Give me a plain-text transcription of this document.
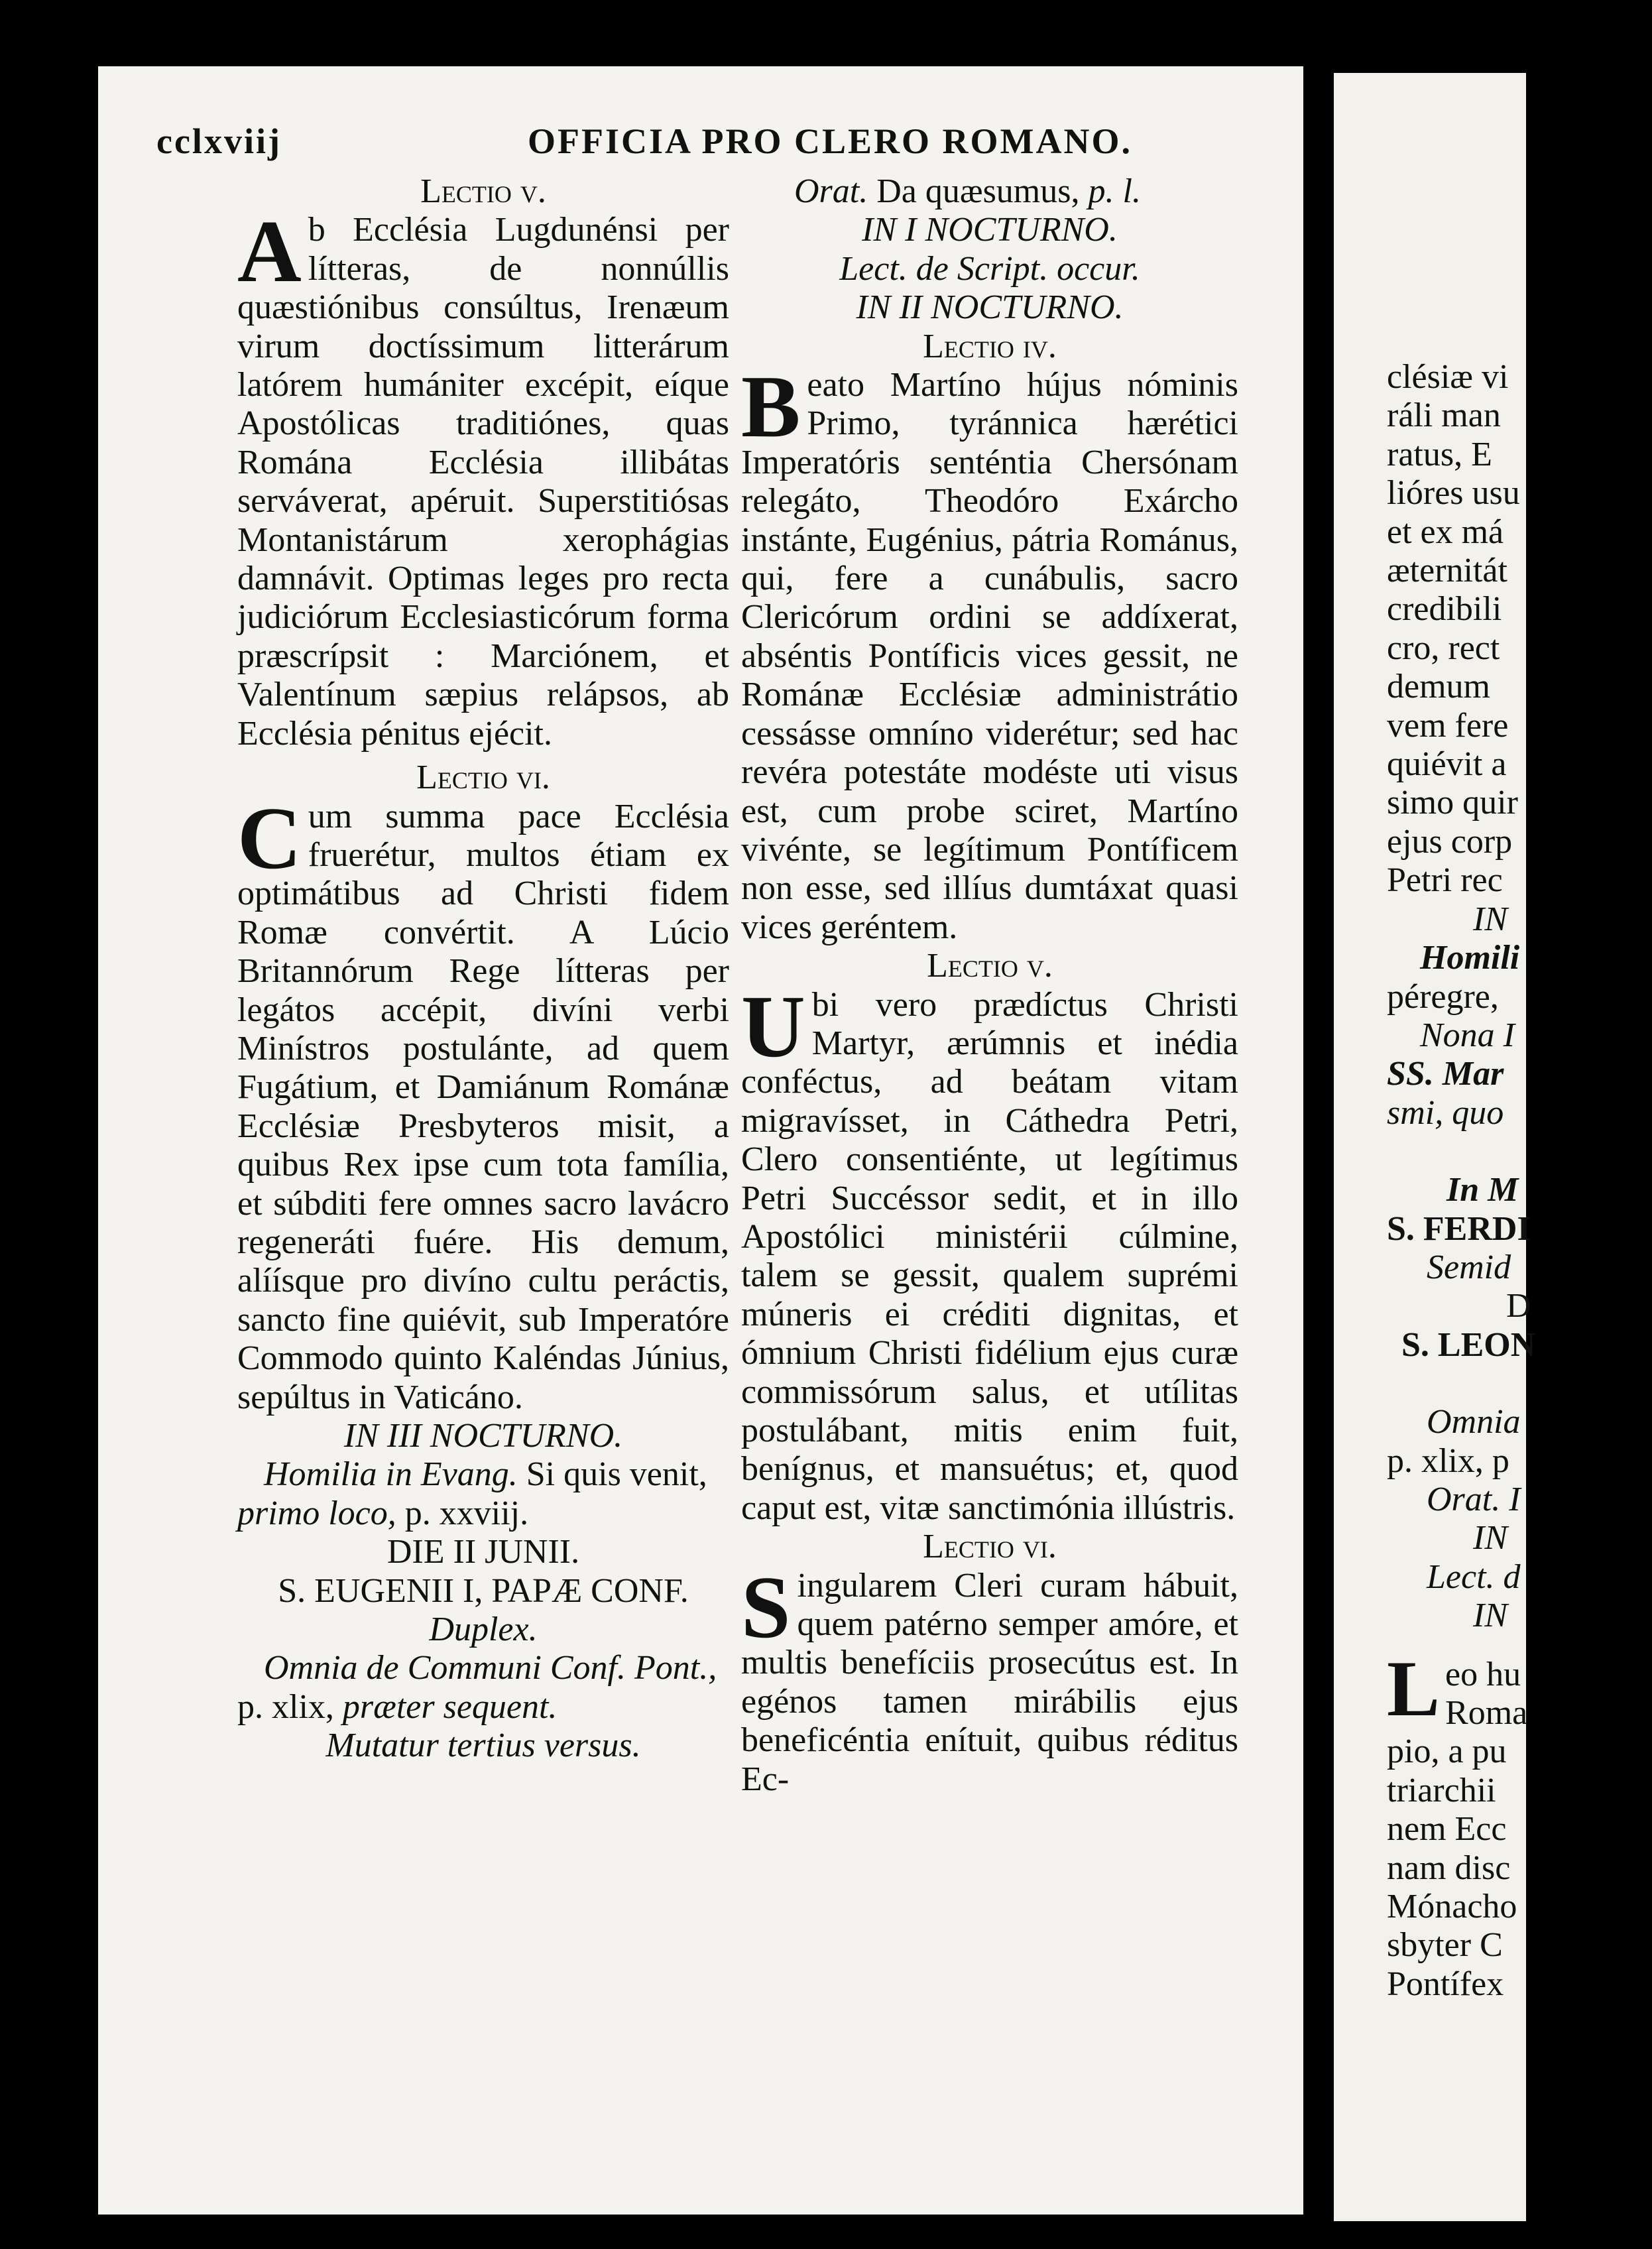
cclxviij	OFFICIA PRO CLERO ROMANO.
Lectio v.

Ab Ecclésia Lugdunénsi per lítteras, de nonnúllis quæstiónibus consúltus, Irenæum virum doctíssimum litterárum latórem humániter excépit, eíque Apostólicas traditiónes, quas Romána Ecclésia illibátas serváverat, apéruit. Superstitiósas Montanistárum xerophágias damnávit. Optimas leges pro recta judiciórum Ecclesiasticórum forma præscrípsit : Marciónem, et Valentínum sæpius relápsos, ab Ecclésia pénitus ejécit.

Lectio vi.

Cum summa pace Ecclésia fruerétur, multos étiam ex optimátibus ad Christi fidem Romæ convértit. A Lúcio Britannórum Rege lítteras per legátos accépit, divíni verbi Minístros postulánte, ad quem Fugátium, et Damiánum Románæ Ecclésiæ Presbyteros misit, a quibus Rex ipse cum tota família, et súbditi fere omnes sacro lavácro regeneráti fuére. His demum, alíísque pro divíno cultu peráctis, sancto fine quiévit, sub Imperatóre Commodo quinto Kaléndas Június, sepúltus in Vaticáno.

IN III NOCTURNO.

Homilia in Evang. Si quis venit, primo loco, p. xxviij.

DIE II JUNII.
S. EUGENII I, PAPÆ CONF.
Duplex.

Omnia de Communi Conf. Pont., p. xlix, præter sequent.

Mutatur tertius versus.

Orat. Da quæsumus, p. l.

IN I NOCTURNO.
Lect. de Script. occur.
IN II NOCTURNO.
Lectio iv.

Beato Martíno hújus nóminis Primo, tyránnica hærétici Imperatóris senténtia Chersónam relegáto, Theodóro Exárcho instánte, Eugénius, pátria Románus, qui, fere a cunábulis, sacro Clericórum ordini se addíxerat, abséntis Pontíficis vices gessit, ne Románæ Ecclésiæ administrátio cessásse omníno viderétur; sed hac revéra potestáte modéste uti visus est, cum probe sciret, Martíno vivénte, se legítimum Pontíficem non esse, sed illíus dumtáxat quasi vices geréntem.

Lectio v.

Ubi vero prædíctus Christi Martyr, ærúmnis et inédia conféctus, ad beátam vitam migravísset, in Cáthedra Petri, Clero consentiénte, ut legítimus Petri Succéssor sedit, et in illo Apostólici ministérii cúlmine, talem se gessit, qualem suprémi múneris ei créditi dignitas, et ómnium Christi fidélium ejus curæ commissórum salus, et utílitas postulábant, mitis enim fuit, benígnus, et mansuétus; et, quod caput est, vitæ sanctimónia illústris.

Lectio vi.

Singularem Cleri curam hábuit, quem patérno semper amóre, et multis benefíciis prosecútus est. In egénos tamen mirábilis ejus beneficéntia enítuit, quibus réditus Ec-

clésiæ vi
ráli man
ratus, E
lióres usu
et ex má
æternitát
credibili
cro, rect
demum
vem fere
quiévit a
simo quir
ejus corp
Petri rec
IN
Homili
péregre,
Nona I
SS. Mar
smi, quo
In M
S. FERDI
Semid
D
S. LEON
Omnia
p. xlix, p
Orat. I
IN
Lect. d
IN
L eo hu
Roma
pio, a pu
triarchii
nem Ecc
nam disc
Mónacho
sbyter C
Pontífex
